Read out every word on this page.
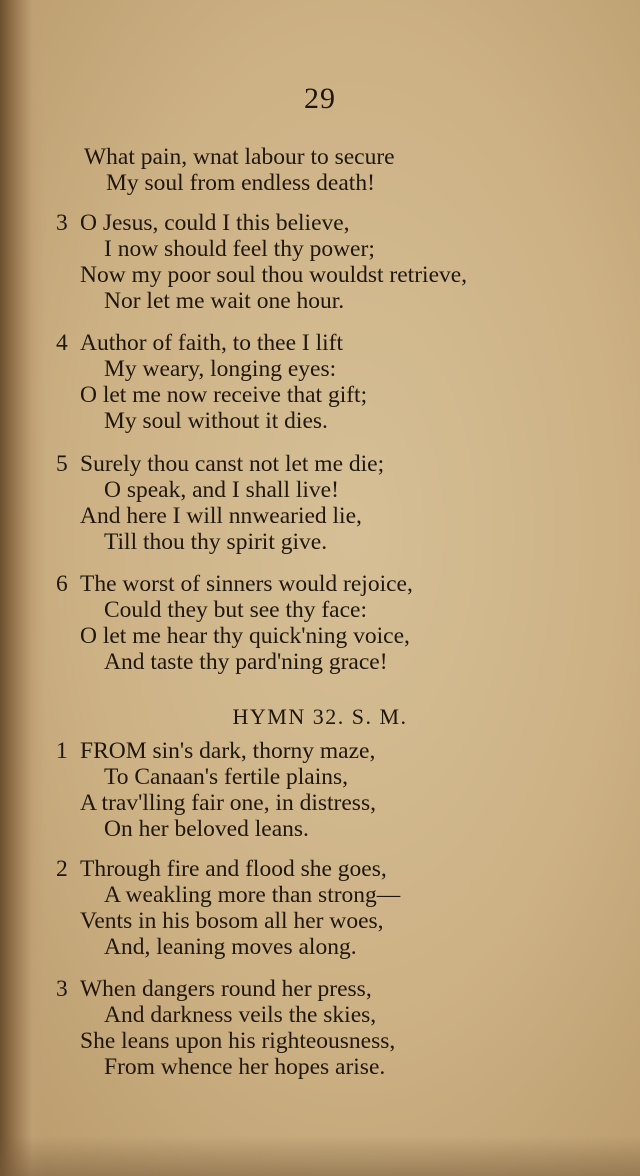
29
What pain, wnat labour to secure
My soul from endless death!
3 O Jesus, could I this believe,
I now should feel thy power;
Now my poor soul thou wouldst retrieve,
Nor let me wait one hour.
4 Author of faith, to thee I lift
My weary, longing eyes:
O let me now receive that gift;
My soul without it dies.
5 Surely thou canst not let me die;
O speak, and I shall live!
And here I will nnwearied lie,
Till thou thy spirit give.
6 The worst of sinners would rejoice,
Could they but see thy face:
O let me hear thy quick'ning voice,
And taste thy pard'ning grace!
HYMN 32. S. M.
1 FROM sin's dark, thorny maze,
To Canaan's fertile plains,
A trav'lling fair one, in distress,
On her beloved leans.
2 Through fire and flood she goes,
A weakling more than strong—
Vents in his bosom all her woes,
And, leaning moves along.
3 When dangers round her press,
And darkness veils the skies,
She leans upon his righteousness,
From whence her hopes arise.
